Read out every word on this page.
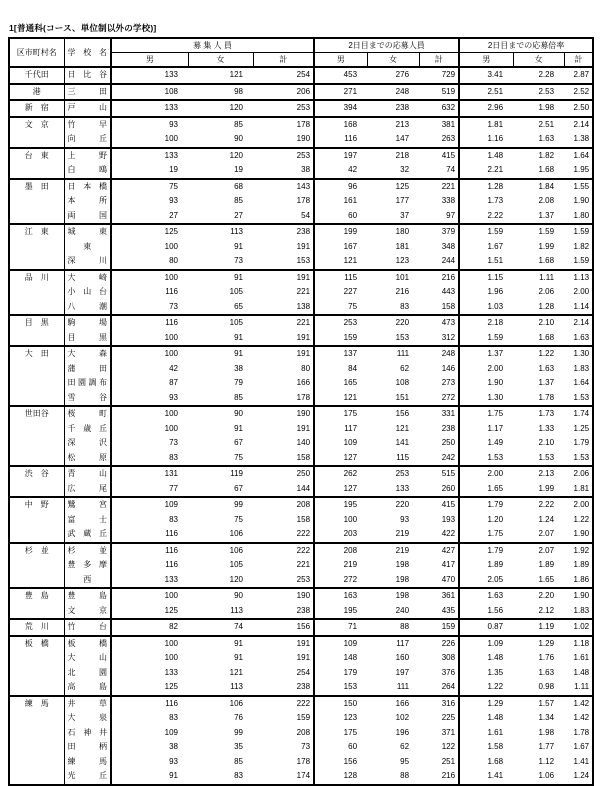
1[普通科(コース、単位制以外の学校)]
区市町村名	学 校 名	募 集 人 員			2日目までの応募人員			2日目までの応募倍率		
		男	女	計	男	女	計	男	女	計
千代田	日 比 谷	133	121	254	453	276	729	3.41	2.28	2.87
港	三 田	108	98	206	271	248	519	2.51	2.53	2.52
新　宿	戸 山	133	120	253	394	238	632	2.96	1.98	2.50
文　京	竹 早	93	85	178	168	213	381	1.81	2.51	2.14

	向 丘	100	90	190	116	147	263	1.16	1.63	1.38
台　東	上 野	133	120	253	197	218	415	1.48	1.82	1.64

	白 鴎	19	19	38	42	32	74	2.21	1.68	1.95
墨　田	日 本 橋	75	68	143	96	125	221	1.28	1.84	1.55

	本 所	93	85	178	161	177	338	1.73	2.08	1.90

	両 国	27	27	54	60	37	97	2.22	1.37	1.80
江　東	城 東	125	113	238	199	180	379	1.59	1.59	1.59

	東	100	91	191	167	181	348	1.67	1.99	1.82

	深 川	80	73	153	121	123	244	1.51	1.68	1.59
品　川	大 崎	100	91	191	115	101	216	1.15	1.11	1.13

	小 山 台	116	105	221	227	216	443	1.96	2.06	2.00

	八 潮	73	65	138	75	83	158	1.03	1.28	1.14
目　黒	駒 場	116	105	221	253	220	473	2.18	2.10	2.14

	目 黒	100	91	191	159	153	312	1.59	1.68	1.63
大　田	大 森	100	91	191	137	111	248	1.37	1.22	1.30

	蒲 田	42	38	80	84	62	146	2.00	1.63	1.83

	田 園 調 布	87	79	166	165	108	273	1.90	1.37	1.64

	雪 谷	93	85	178	121	151	272	1.30	1.78	1.53
世田谷	桜 町	100	90	190	175	156	331	1.75	1.73	1.74

	千 歳 丘	100	91	191	117	121	238	1.17	1.33	1.25

	深 沢	73	67	140	109	141	250	1.49	2.10	1.79

	松 原	83	75	158	127	115	242	1.53	1.53	1.53
渋　谷	青 山	131	119	250	262	253	515	2.00	2.13	2.06

	広 尾	77	67	144	127	133	260	1.65	1.99	1.81
中　野	鷺 宮	109	99	208	195	220	415	1.79	2.22	2.00

	富 士	83	75	158	100	93	193	1.20	1.24	1.22

	武 蔵 丘	116	106	222	203	219	422	1.75	2.07	1.90
杉　並	杉 並	116	106	222	208	219	427	1.79	2.07	1.92

	豊 多 摩	116	105	221	219	198	417	1.89	1.89	1.89

	西	133	120	253	272	198	470	2.05	1.65	1.86
豊　島	豊 島	100	90	190	163	198	361	1.63	2.20	1.90

	文 京	125	113	238	195	240	435	1.56	2.12	1.83
荒　川	竹 台	82	74	156	71	88	159	0.87	1.19	1.02
板　橋	板 橋	100	91	191	109	117	226	1.09	1.29	1.18

	大 山	100	91	191	148	160	308	1.48	1.76	1.61

	北 園	133	121	254	179	197	376	1.35	1.63	1.48

	高 島	125	113	238	153	111	264	1.22	0.98	1.11
練　馬	井 草	116	106	222	150	166	316	1.29	1.57	1.42

	大 泉	83	76	159	123	102	225	1.48	1.34	1.42

	石 神 井	109	99	208	175	196	371	1.61	1.98	1.78

	田 柄	38	35	73	60	62	122	1.58	1.77	1.67

	練 馬	93	85	178	156	95	251	1.68	1.12	1.41

	光 丘	91	83	174	128	88	216	1.41	1.06	1.24
